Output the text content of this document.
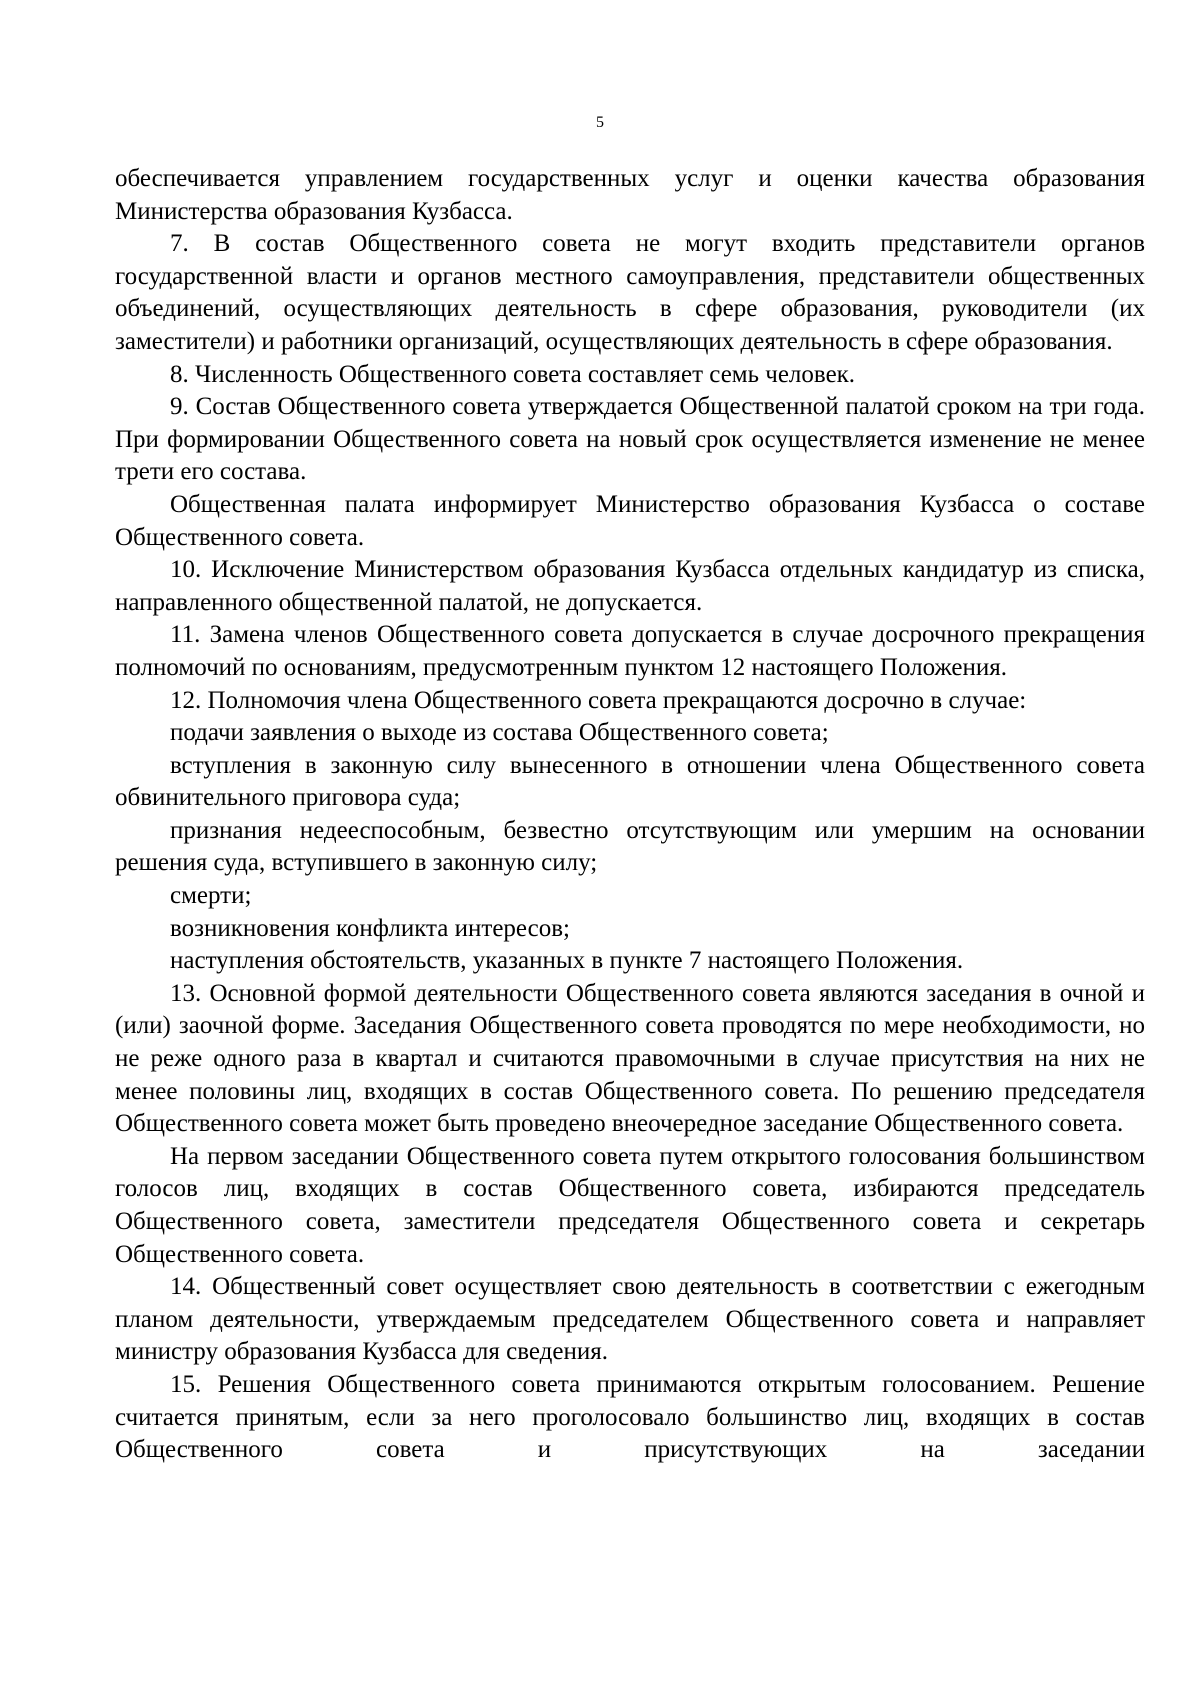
5

обеспечивается управлением государственных услуг и оценки качества образования Министерства образования Кузбасса.

7. В состав Общественного совета не могут входить представители органов государственной власти и органов местного самоуправления, представители общественных объединений, осуществляющих деятельность в сфере образования, руководители (их заместители) и работники организаций, осуществляющих деятельность в сфере образования.

8. Численность Общественного совета составляет семь человек.

9. Состав Общественного совета утверждается Общественной палатой сроком на три года. При формировании Общественного совета на новый срок осуществляется изменение не менее трети его состава.

Общественная палата информирует Министерство образования Кузбасса о составе Общественного совета.

10. Исключение Министерством образования Кузбасса отдельных кандидатур из списка, направленного общественной палатой, не допускается.

11. Замена членов Общественного совета допускается в случае досрочного прекращения полномочий по основаниям, предусмотренным пунктом 12 настоящего Положения.

12. Полномочия члена Общественного совета прекращаются досрочно в случае:

подачи заявления о выходе из состава Общественного совета;

вступления в законную силу вынесенного в отношении члена Общественного совета обвинительного приговора суда;

признания недееспособным, безвестно отсутствующим или умершим на основании решения суда, вступившего в законную силу;

смерти;

возникновения конфликта интересов;

наступления обстоятельств, указанных в пункте 7 настоящего Положения.

13. Основной формой деятельности Общественного совета являются заседания в очной и (или) заочной форме. Заседания Общественного совета проводятся по мере необходимости, но не реже одного раза в квартал и считаются правомочными в случае присутствия на них не менее половины лиц, входящих в состав Общественного совета. По решению председателя Общественного совета может быть проведено внеочередное заседание Общественного совета.

На первом заседании Общественного совета путем открытого голосования большинством голосов лиц, входящих в состав Общественного совета, избираются председатель Общественного совета, заместители председателя Общественного совета и секретарь Общественного совета.

14. Общественный совет осуществляет свою деятельность в соответствии с ежегодным планом деятельности, утверждаемым председателем Общественного совета и направляет министру образования Кузбасса для сведения.

15. Решения Общественного совета принимаются открытым голосованием. Решение считается принятым, если за него проголосовало большинство лиц, входящих в состав Общественного совета и присутствующих на заседании
